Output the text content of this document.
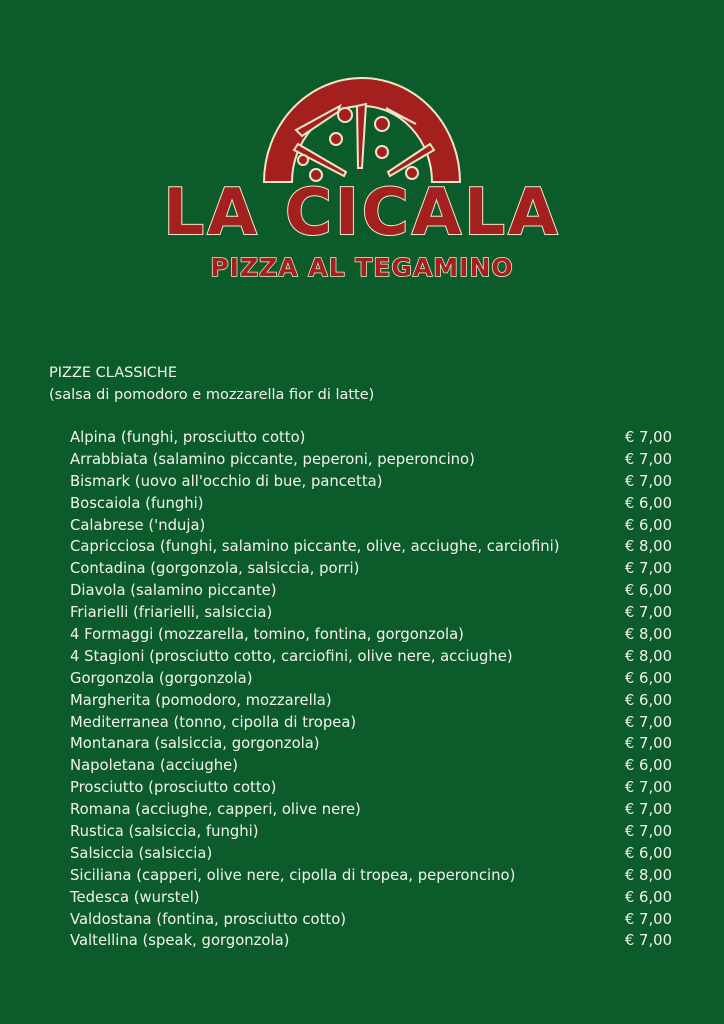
LA CICALA
PIZZA AL TEGAMINO
PIZZE CLASSICHE
(salsa di pomodoro e mozzarella fior di latte)
Alpina (funghi, prosciutto cotto)	€ 7,00
Arrabbiata (salamino piccante, peperoni, peperoncino)	€ 7,00
Bismark (uovo all'occhio di bue, pancetta)	€ 7,00
Boscaiola (funghi)	€ 6,00
Calabrese ('nduja)	€ 6,00
Capricciosa (funghi, salamino piccante, olive, acciughe, carciofini)	€ 8,00
Contadina (gorgonzola, salsiccia, porri)	€ 7,00
Diavola (salamino piccante)	€ 6,00
Friarielli (friarielli, salsiccia)	€ 7,00
4 Formaggi (mozzarella, tomino, fontina, gorgonzola)	€ 8,00
4 Stagioni (prosciutto cotto, carciofini, olive nere, acciughe)	€ 8,00
Gorgonzola (gorgonzola)	€ 6,00
Margherita (pomodoro, mozzarella)	€ 6,00
Mediterranea (tonno, cipolla di tropea)	€ 7,00
Montanara (salsiccia, gorgonzola)	€ 7,00
Napoletana (acciughe)	€ 6,00
Prosciutto (prosciutto cotto)	€ 7,00
Romana (acciughe, capperi, olive nere)	€ 7,00
Rustica (salsiccia, funghi)	€ 7,00
Salsiccia (salsiccia)	€ 6,00
Siciliana (capperi, olive nere, cipolla di tropea, peperoncino)	€ 8,00
Tedesca (wurstel)	€ 6,00
Valdostana (fontina, prosciutto cotto)	€ 7,00
Valtellina (speak, gorgonzola)	€ 7,00
